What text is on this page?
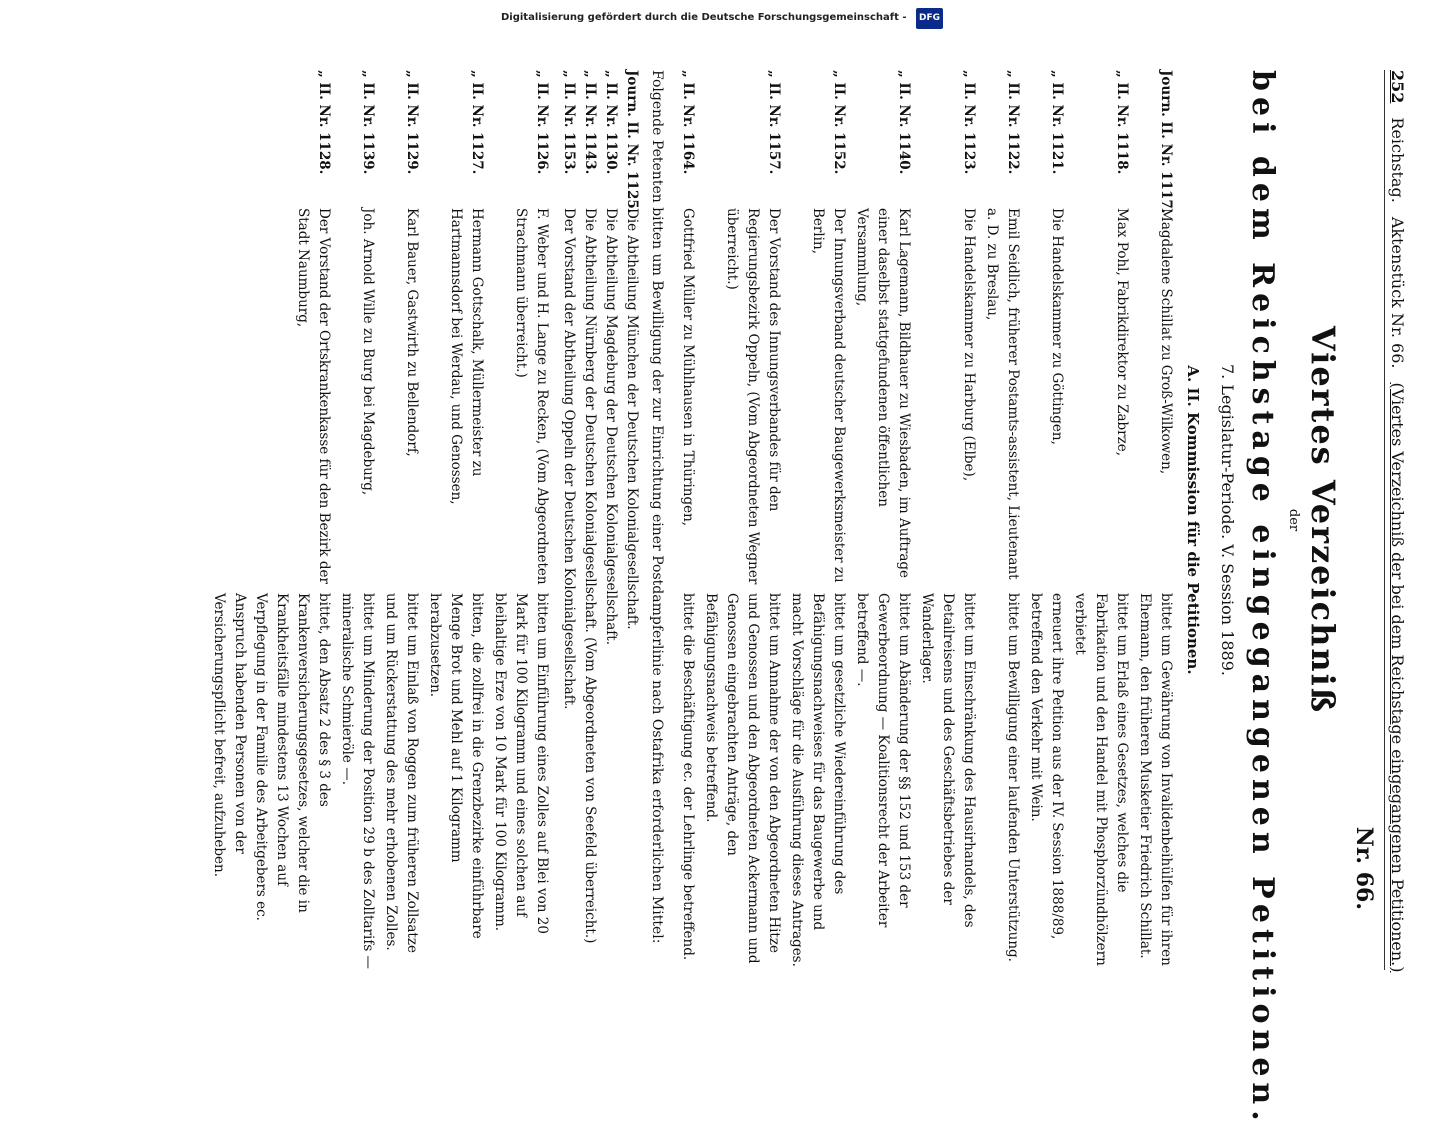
Digitalisierung gefördert durch die Deutsche Forschungsgemeinschaft - DFG
252
Reichstag.
Aktenstück Nr. 66.
(Viertes Verzeichniß der bei dem Reichstage eingegangenen Petitionen.)
Nr. 66.
Viertes Verzeichniß
der
bei dem Reichstage eingegangenen Petitionen.
7. Legislatur-Periode. V. Session 1889.
A. II. Kommission für die Petitionen.
Journ. II. Nr. 1117.
Magdalene Schillat zu Groß-Wilkowen,
bittet um Gewährung von Invalidenbeihülfen für ihren Ehemann, den früheren Musketier Friedrich Schillat.
„ II. Nr. 1118.
Max Pohl, Fabrikdirektor zu Zabrze,
bittet um Erlaß eines Gesetzes, welches die Fabrikation und den Handel mit Phosphorzündhölzern verbietet
„ II. Nr. 1121.
Die Handelskammer zu Göttingen,
erneuert ihre Petition aus der IV. Session 1888/89, betreffend den Verkehr mit Wein.
„ II. Nr. 1122.
Emil Seidlich, früherer Postamts-assistent, Lieutenant a. D. zu Breslau,
bittet um Bewilligung einer laufenden Unterstützung.
„ II. Nr. 1123.
Die Handelskammer zu Harburg (Elbe),
bittet um Einschränkung des Hausirhandels, des Detailreisens und des Geschäftsbetriebes der Wanderlager.
„ II. Nr. 1140.
Karl Lagemann, Bildhauer zu Wiesbaden, im Auftrage einer daselbst stattgefundenen öffentlichen Versammlung,
bittet um Abänderung der §§ 152 und 153 der Gewerbeordnung — Koalitionsrecht der Arbeiter betreffend —.
„ II. Nr. 1152.
Der Innungsverband deutscher Baugewerksmeister zu Berlin,
bittet um gesetzliche Wiedereinführung des Befähigungsnachweises für das Baugewerbe und macht Vorschläge für die Ausführung dieses Antrages.
„ II. Nr. 1157.
Der Vorstand des Innungsverbandes für den Regierungsbezirk Oppeln, (Vom Abgeordneten Wegner überreicht.)
bittet um Annahme der von den Abgeordneten Hitze und Genossen und den Abgeordneten Ackermann und Genossen eingebrachten Anträge, den Befähigungsnachweis betreffend.
„ II. Nr. 1164.
Gottfried Müller zu Mühlhausen in Thüringen,
bittet die Beschäftigung ec. der Lehrlinge betreffend.
Folgende Petenten bitten um Bewilligung der zur Einrichtung einer Postdampferlinie nach Ostafrika erforderlichen Mittel:
Journ. II. Nr. 1125.
Die Abtheilung München der Deutschen Kolonialgesellschaft.
„ II. Nr. 1130.
Die Abtheilung Magdeburg der Deutschen Kolonialgesellschaft.
„ II. Nr. 1143.
Die Abtheilung Nürnberg der Deutschen Kolonialgesellschaft. (Vom Abgeordneten von Seefeld überreicht.)
„ II. Nr. 1153.
Der Vorstand der Abtheilung Oppeln der Deutschen Kolonialgesellschaft.
„ II. Nr. 1126.
F. Weber und H. Lange zu Recken, (Vom Abgeordneten Strachmann überreicht.)
bitten um Einführung eines Zolles auf Blei von 20 Mark für 100 Kilogramm und eines solchen auf bleihaltige Erze von 10 Mark für 100 Kilogramm.
„ II. Nr. 1127.
Hermann Gottschalk, Müllermeister zu Hartmannsdorf bei Werdau, und Genossen,
bitten, die zollfrei in die Grenzbezirke einführbare Menge Brot und Mehl auf 1 Kilogramm herabzusetzen.
„ II. Nr. 1129.
Karl Bauer, Gastwirth zu Bellendorf,
bittet um Einlaß von Roggen zum früheren Zollsatze und um Rückerstattung des mehr erhobenen Zolles.
„ II. Nr. 1139.
Joh. Arnold Wille zu Burg bei Magdeburg,
bittet um Minderung der Position 29 b des Zolltarifs — mineralische Schmieröle —.
„ II. Nr. 1128.
Der Vorstand der Ortskrankenkasse für den Bezirk der Stadt Naumburg,
bittet, den Absatz 2 des § 3 des Krankenversicherungsgesetzes, welcher die in Krankheitsfälle mindestens 13 Wochen auf Verpflegung in der Familie des Arbeitgebers ec. Anspruch habenden Personen von der Versicherungspflicht befreit, aufzuheben.
